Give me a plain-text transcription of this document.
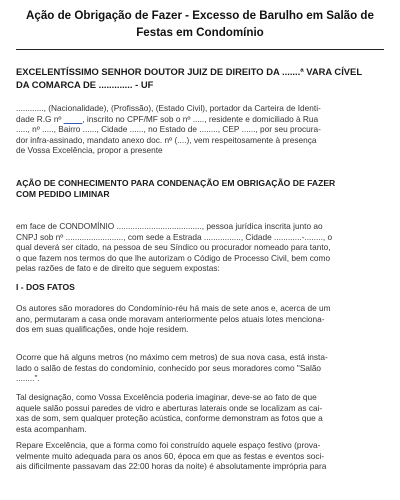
Ação de Obrigação de Fazer - Excesso de Barulho em Salão de
Festas em Condomínio
EXCELENTÍSSIMO SENHOR DOUTOR JUIZ DE DIREITO DA .......ª VARA CÍVEL
DA COMARCA DE ............. - UF
............, (Nacionalidade), (Profissão), (Estado Civil), portador da Carteira de Identi-
dade R.G nº ____, inscrito no CPF/MF sob o nº ....., residente e domiciliado à Rua
....., nº ....., Bairro ......, Cidade ......, no Estado de ........, CEP ......, por seu procura-
dor infra-assinado, mandato anexo doc. nº (....), vem respeitosamente à presença
de Vossa Excelência, propor a presente
AÇÃO DE CONHECIMENTO PARA CONDENAÇÃO EM OBRIGAÇÃO DE FAZER
COM PEDIDO LIMINAR
em face de CONDOMÍNIO ....................................., pessoa jurídica inscrita junto ao
CNPJ sob nº ........................., com sede a Estrada ................, Cidade ............-........, o
qual deverá ser citado, na pessoa de seu Síndico ou procurador nomeado para tanto,
o que fazem nos termos do que lhe autorizam o Código de Processo Civil, bem como
pelas razões de fato e de direito que seguem expostas:
I - DOS FATOS
Os autores são moradores do Condomínio-réu há mais de sete anos e, acerca de um
ano, permutaram a casa onde moravam anteriormente pelos atuais lotes menciona-
dos em suas qualificações, onde hoje residem.
Ocorre que há alguns metros (no máximo cem metros) de sua nova casa, está insta-
lado o salão de festas do condomínio, conhecido por seus moradores como "Salão
........".
Tal designação, como Vossa Excelência poderia imaginar, deve-se ao fato de que
aquele salão possui paredes de vidro e aberturas laterais onde se localizam as cai-
xas de som, sem qualquer proteção acústica, conforme demonstram as fotos que a
esta acompanham.
Repare Excelência, que a forma como foi construído aquele espaço festivo (prova-
velmente muito adequada para os anos 60, época em que as festas e eventos soci-
ais dificilmente passavam das 22:00 horas da noite) é absolutamente imprópria para
